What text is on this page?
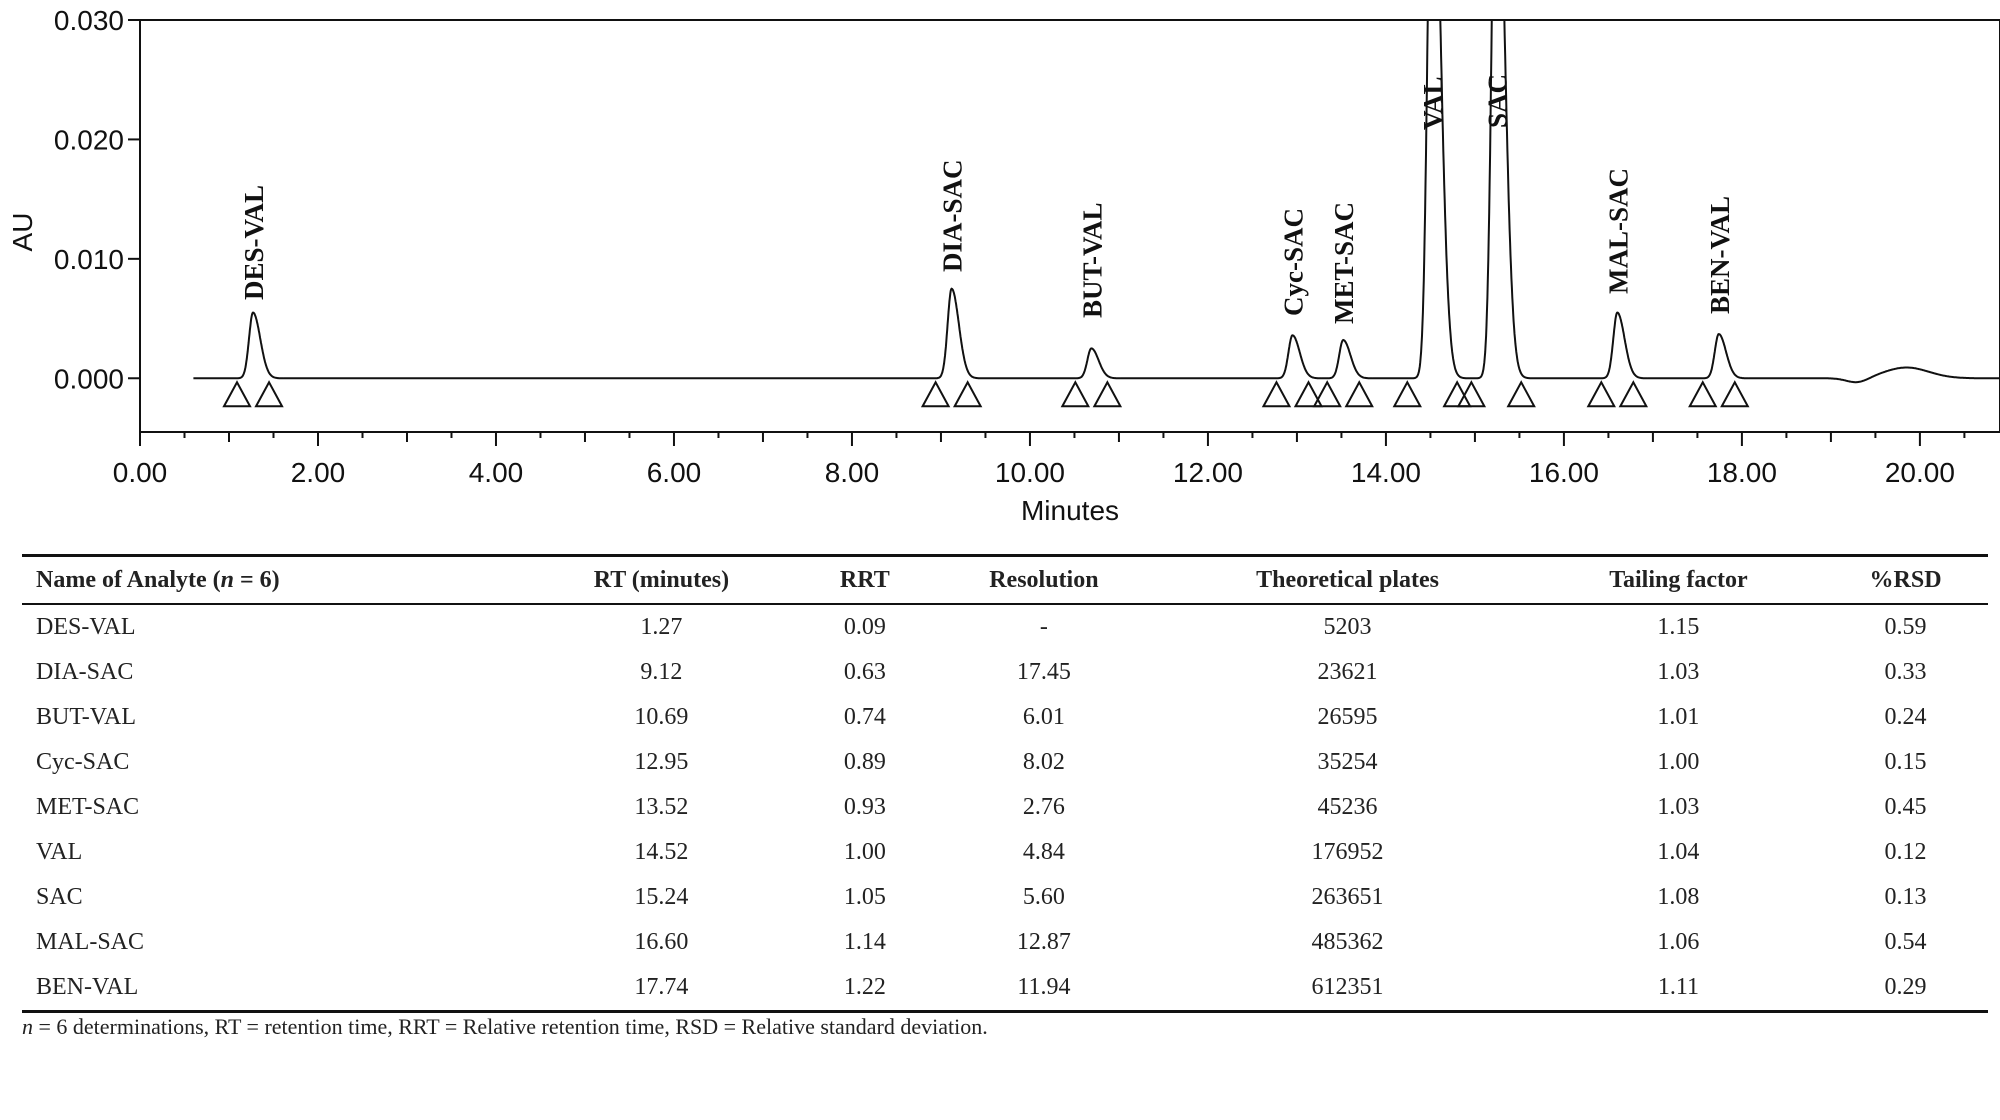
0.030
0.020
0.010
0.000
0.00	2.00	4.00	6.00	8.00	10.00	12.00	14.00	16.00	18.00	20.00
DES-VAL	DIA-SAC	BUT-VAL	Cyc-SAC MET-SAC
VAL SAC
MAL-SAC	BEN-VAL
AU
Minutes
Name of Analyte (n = 6)	RT (minutes)	RRT	Resolution	Theoretical plates	Tailing factor	%RSD
DES-VAL	1.27	0.09	-	5203	1.15	0.59
DIA-SAC	9.12	0.63	17.45	23621	1.03	0.33
BUT-VAL	10.69	0.74	6.01	26595	1.01	0.24
Cyc-SAC	12.95	0.89	8.02	35254	1.00	0.15
MET-SAC	13.52	0.93	2.76	45236	1.03	0.45
VAL	14.52	1.00	4.84	176952	1.04	0.12
SAC	15.24	1.05	5.60	263651	1.08	0.13
MAL-SAC	16.60	1.14	12.87	485362	1.06	0.54
BEN-VAL	17.74	1.22	11.94	612351	1.11	0.29
n = 6 determinations, RT = retention time, RRT = Relative retention time, RSD = Relative standard deviation.
